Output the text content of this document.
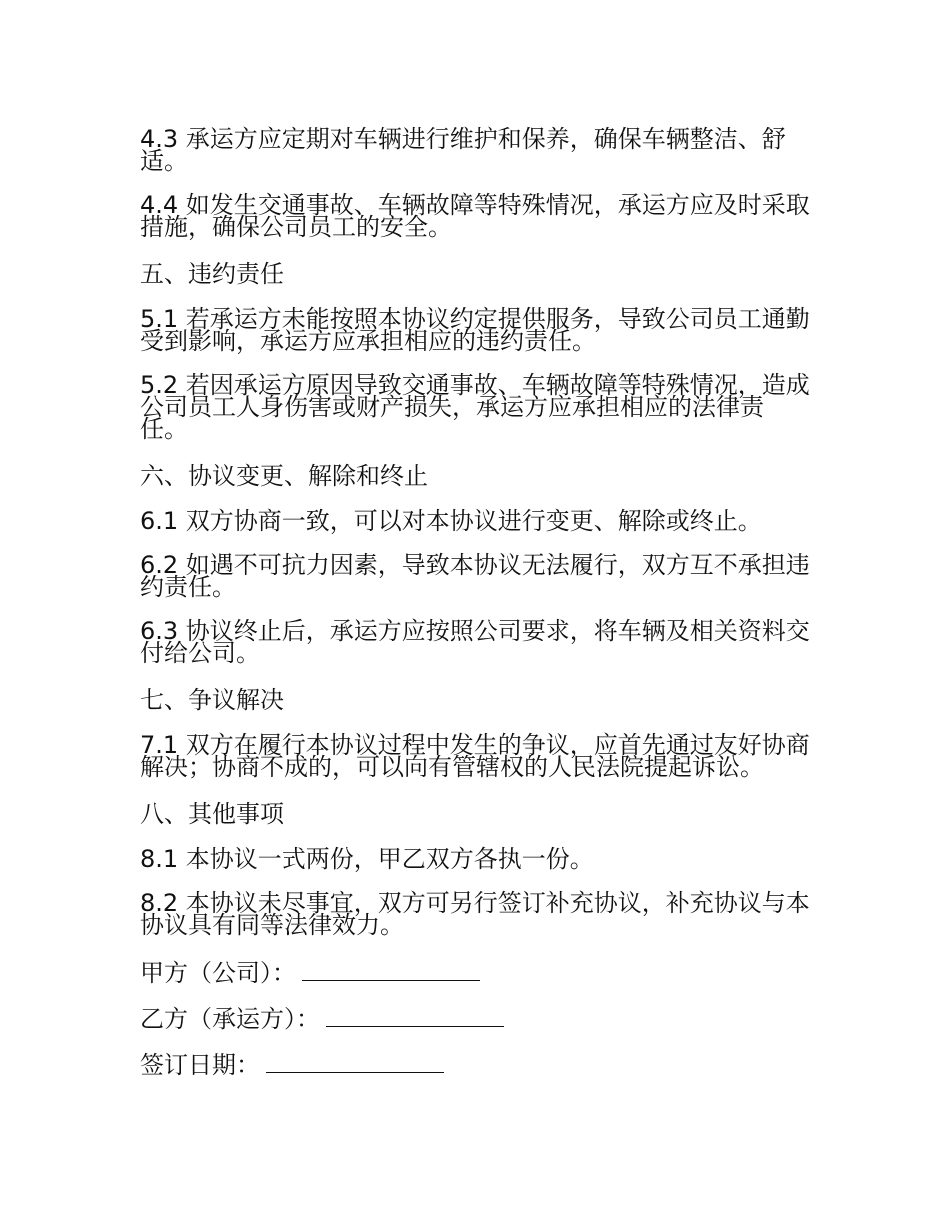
4.3 承运方应定期对车辆进行维护和保养，确保车辆整洁、舒适。

4.4 如发生交通事故、车辆故障等特殊情况，承运方应及时采取措施，确保公司员工的安全。

五、违约责任

5.1 若承运方未能按照本协议约定提供服务，导致公司员工通勤受到影响，承运方应承担相应的违约责任。

5.2 若因承运方原因导致交通事故、车辆故障等特殊情况，造成公司员工人身伤害或财产损失，承运方应承担相应的法律责任。

六、协议变更、解除和终止

6.1 双方协商一致，可以对本协议进行变更、解除或终止。

6.2 如遇不可抗力因素，导致本协议无法履行，双方互不承担违约责任。

6.3 协议终止后，承运方应按照公司要求，将车辆及相关资料交付给公司。

七、争议解决

7.1 双方在履行本协议过程中发生的争议，应首先通过友好协商解决；协商不成的，可以向有管辖权的人民法院提起诉讼。

八、其他事项

8.1 本协议一式两份，甲乙双方各执一份。

8.2 本协议未尽事宜，双方可另行签订补充协议，补充协议与本协议具有同等法律效力。

甲方（公司）：
乙方（承运方）：
签订日期：
